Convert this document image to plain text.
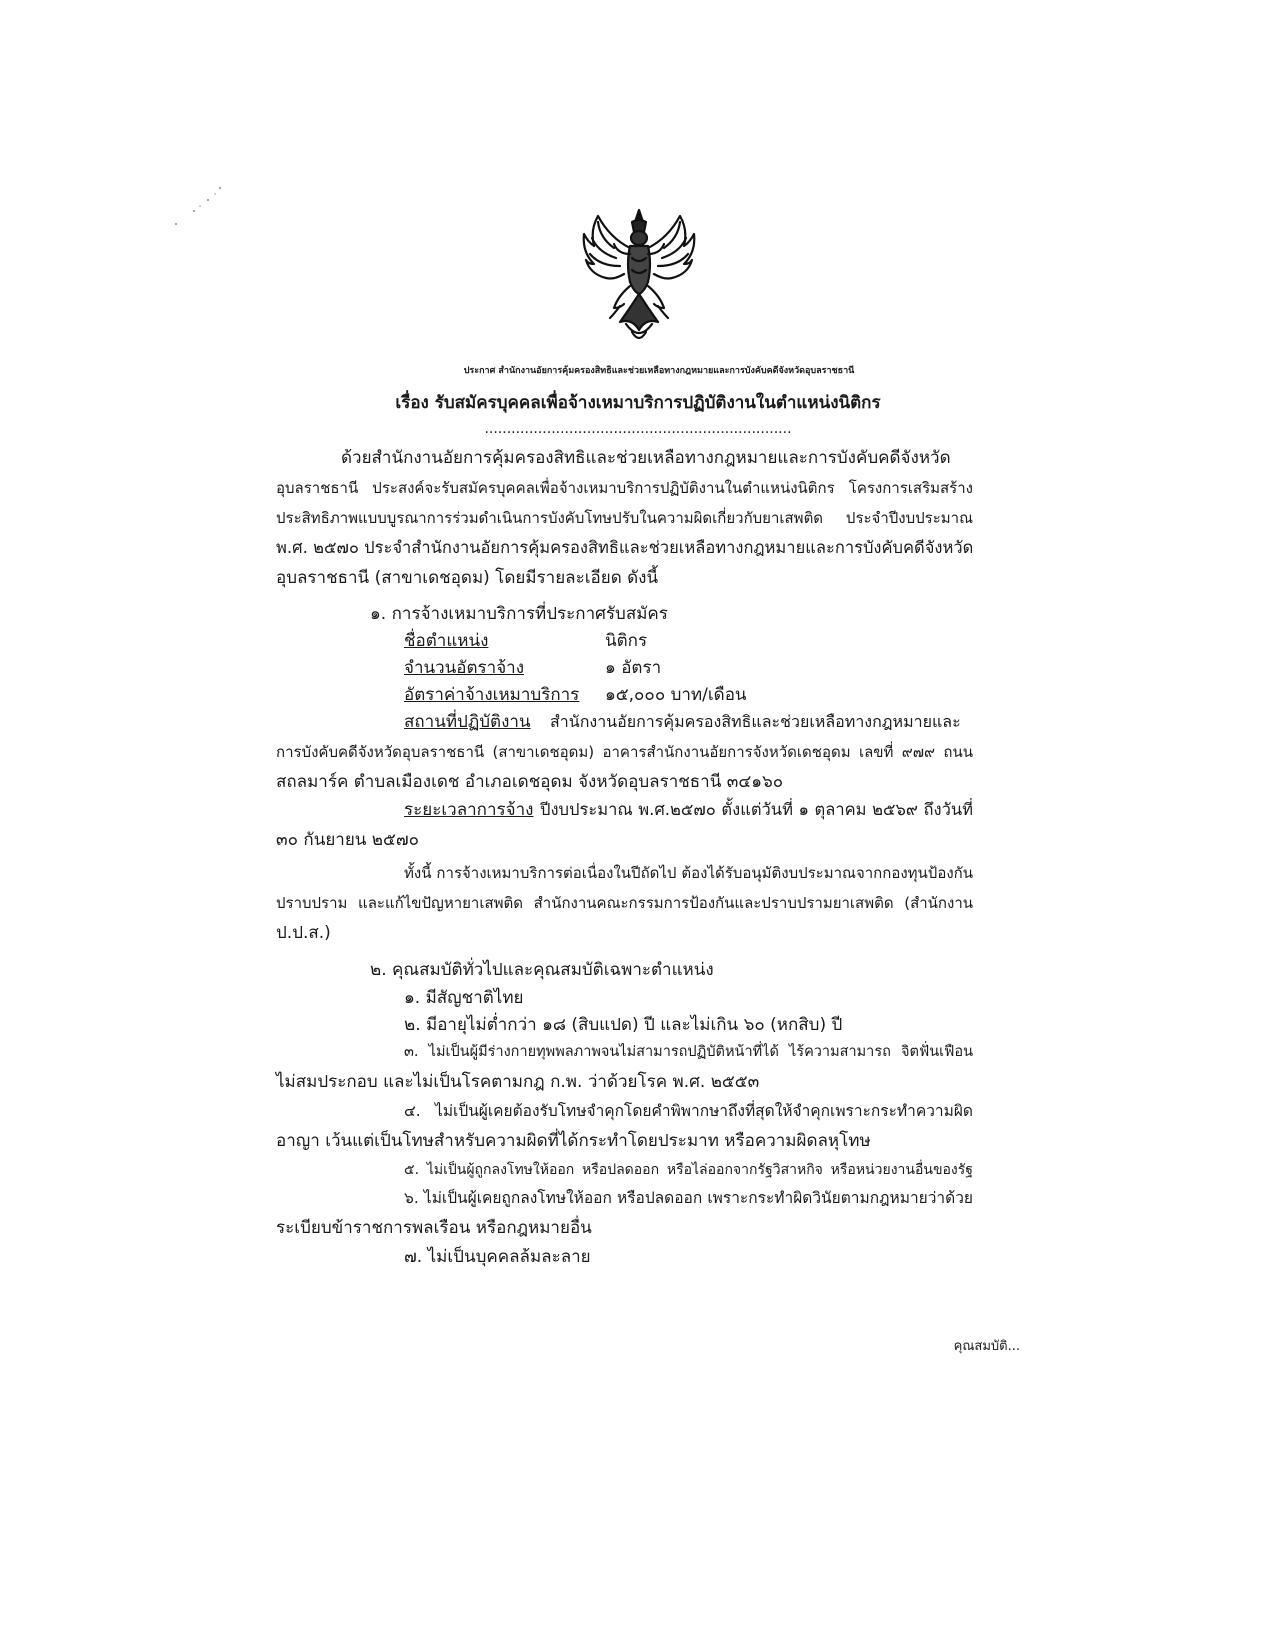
ประกาศ สำนักงานอัยการคุ้มครองสิทธิและช่วยเหลือทางกฎหมายและการบังคับคดีจังหวัดอุบลราชธานี
เรื่อง รับสมัครบุคคลเพื่อจ้างเหมาบริการปฏิบัติงานในตำแหน่งนิติกร
.....................................................................
ด้วยสำนักงานอัยการคุ้มครองสิทธิและช่วยเหลือทางกฎหมายและการบังคับคดีจังหวัด
อุบลราชธานี ประสงค์จะรับสมัครบุคคลเพื่อจ้างเหมาบริการปฏิบัติงานในตำแหน่งนิติกร โครงการเสริมสร้าง
ประสิทธิภาพแบบบูรณาการร่วมดำเนินการบังคับโทษปรับในความผิดเกี่ยวกับยาเสพติด ประจำปีงบประมาณ
พ.ศ. ๒๕๗๐ ประจำสำนักงานอัยการคุ้มครองสิทธิและช่วยเหลือทางกฎหมายและการบังคับคดีจังหวัด
อุบลราชธานี (สาขาเดชอุดม) โดยมีรายละเอียด ดังนี้
๑. การจ้างเหมาบริการที่ประกาศรับสมัคร
ชื่อตำแหน่ง	นิติกร
จำนวนอัตราจ้าง	๑ อัตรา
อัตราค่าจ้างเหมาบริการ ๑๕,๐๐๐ บาท/เดือน
สถานที่ปฏิบัติงาน สำนักงานอัยการคุ้มครองสิทธิและช่วยเหลือทางกฎหมายและ
การบังคับคดีจังหวัดอุบลราชธานี (สาขาเดชอุดม) อาคารสำนักงานอัยการจังหวัดเดชอุดม เลขที่ ๙๗๙ ถนน
สถลมาร์ค ตำบลเมืองเดช อำเภอเดชอุดม จังหวัดอุบลราชธานี ๓๔๑๖๐
ระยะเวลาการจ้าง ปีงบประมาณ พ.ศ.๒๕๗๐ ตั้งแต่วันที่ ๑ ตุลาคม ๒๕๖๙ ถึงวันที่
๓๐ กันยายน ๒๕๗๐
ทั้งนี้ การจ้างเหมาบริการต่อเนื่องในปีถัดไป ต้องได้รับอนุมัติงบประมาณจากกองทุนป้องกัน
ปราบปราม และแก้ไขปัญหายาเสพติด สำนักงานคณะกรรมการป้องกันและปราบปรามยาเสพติด (สำนักงาน
ป.ป.ส.)
๒. คุณสมบัติทั่วไปและคุณสมบัติเฉพาะตำแหน่ง
๑. มีสัญชาติไทย
๒. มีอายุไม่ต่ำกว่า ๑๘ (สิบแปด) ปี และไม่เกิน ๖๐ (หกสิบ) ปี
๓. ไม่เป็นผู้มีร่างกายทุพพลภาพจนไม่สามารถปฏิบัติหน้าที่ได้ ไร้ความสามารถ จิตฟั่นเฟือน
ไม่สมประกอบ และไม่เป็นโรคตามกฎ ก.พ. ว่าด้วยโรค พ.ศ. ๒๕๕๓
๔. ไม่เป็นผู้เคยต้องรับโทษจำคุกโดยคำพิพากษาถึงที่สุดให้จำคุกเพราะกระทำความผิด
อาญา เว้นแต่เป็นโทษสำหรับความผิดที่ได้กระทำโดยประมาท หรือความผิดลหุโทษ
๕. ไม่เป็นผู้ถูกลงโทษให้ออก หรือปลดออก หรือไล่ออกจากรัฐวิสาหกิจ หรือหน่วยงานอื่นของรัฐ
๖. ไม่เป็นผู้เคยถูกลงโทษให้ออก หรือปลดออก เพราะกระทำผิดวินัยตามกฎหมายว่าด้วย
ระเบียบข้าราชการพลเรือน หรือกฎหมายอื่น
๗. ไม่เป็นบุคคลล้มละลาย
คุณสมบัติ...
